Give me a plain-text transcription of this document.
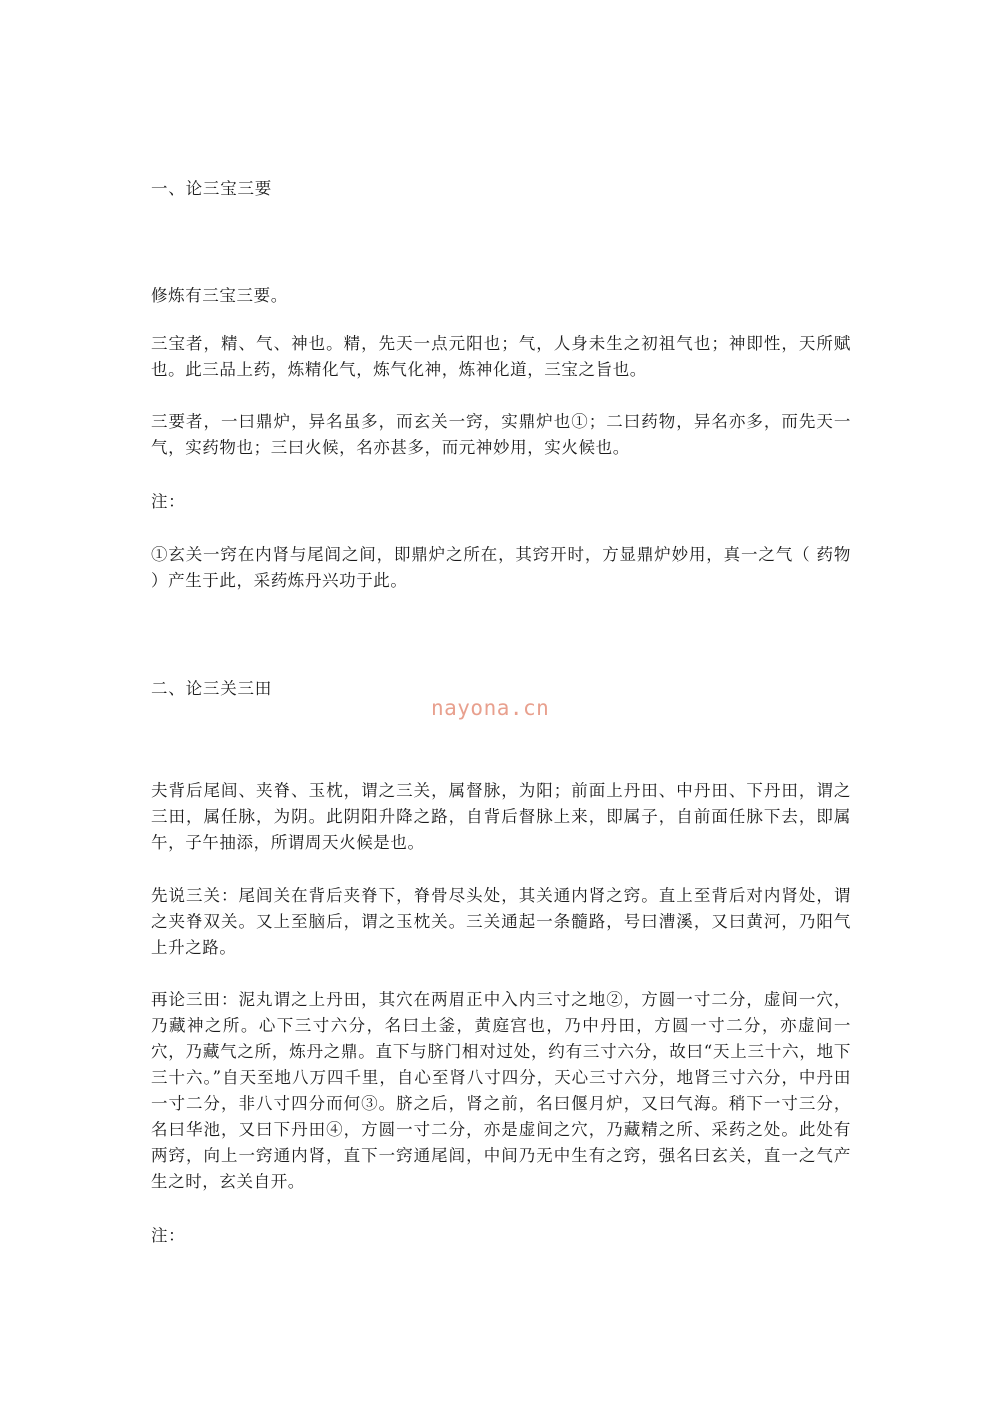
一、论三宝三要

修炼有三宝三要。

三宝者，精、气、神也。精，先天一点元阳也；气，人身未生之初祖气也；神即性，天所赋也。此三品上药，炼精化气，炼气化神，炼神化道，三宝之旨也。

三要者，一曰鼎炉，异名虽多，而玄关一窍，实鼎炉也①；二曰药物，异名亦多，而先天一气，实药物也；三曰火候，名亦甚多，而元神妙用，实火候也。

注：

①玄关一窍在内肾与尾闾之间，即鼎炉之所在，其窍开时，方显鼎炉妙用，真一之气（ 药物 ）产生于此，采药炼丹兴功于此。

二、论三关三田

nayona.cn

夫背后尾闾、夹脊、玉枕，谓之三关，属督脉，为阳；前面上丹田、中丹田、下丹田，谓之三田，属任脉，为阴。此阴阳升降之路，自背后督脉上来，即属子，自前面任脉下去，即属午，子午抽添，所谓周天火候是也。

先说三关：尾闾关在背后夹脊下，脊骨尽头处，其关通内肾之窍。直上至背后对内肾处，谓之夹脊双关。又上至脑后，谓之玉枕关。三关通起一条髓路，号曰漕溪，又曰黄河，乃阳气上升之路。

再论三田：泥丸谓之上丹田，其穴在两眉正中入内三寸之地②，方圆一寸二分，虚间一穴，乃藏神之所。心下三寸六分，名曰土釜，黄庭宫也，乃中丹田，方圆一寸二分，亦虚间一穴，乃藏气之所，炼丹之鼎。直下与脐门相对过处，约有三寸六分，故曰“天上三十六，地下三十六。”自天至地八万四千里，自心至肾八寸四分，天心三寸六分，地肾三寸六分，中丹田一寸二分，非八寸四分而何③。脐之后，肾之前，名曰偃月炉，又曰气海。稍下一寸三分，名曰华池，又曰下丹田④，方圆一寸二分，亦是虚间之穴，乃藏精之所、采药之处。此处有两窍，向上一窍通内肾，直下一窍通尾闾，中间乃无中生有之窍，强名曰玄关，直一之气产生之时，玄关自开。

注：
